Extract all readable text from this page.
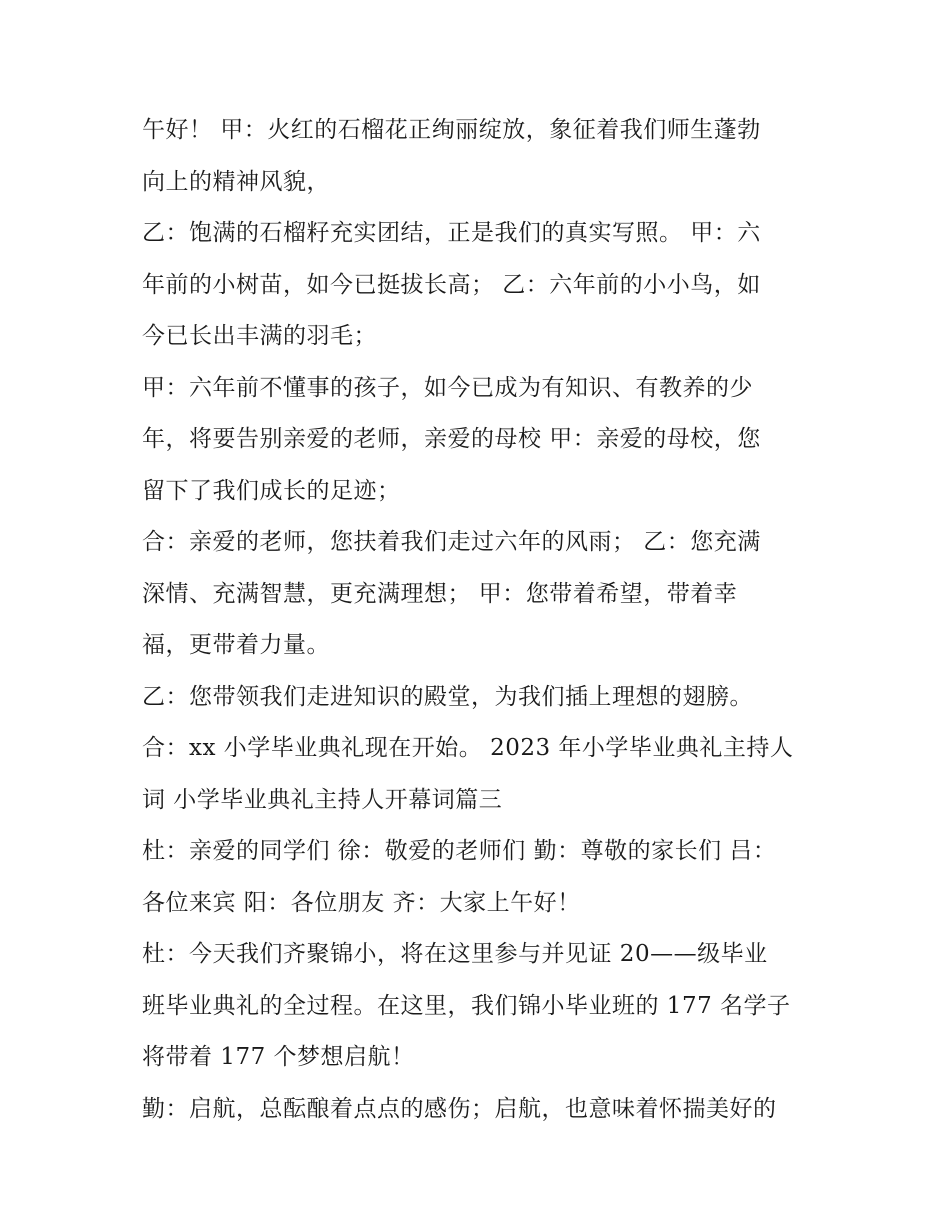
午好！ 甲：火红的石榴花正绚丽绽放，象征着我们师生蓬勃
向上的精神风貌，
乙：饱满的石榴籽充实团结，正是我们的真实写照。 甲：六
年前的小树苗，如今已挺拔长高； 乙：六年前的小小鸟，如
今已长出丰满的羽毛；
甲：六年前不懂事的孩子，如今已成为有知识、有教养的少
年，将要告别亲爱的老师，亲爱的母校 甲：亲爱的母校，您
留下了我们成长的足迹；
合：亲爱的老师，您扶着我们走过六年的风雨； 乙：您充满
深情、充满智慧，更充满理想； 甲：您带着希望，带着幸
福，更带着力量。
乙：您带领我们走进知识的殿堂，为我们插上理想的翅膀。
合：xx 小学毕业典礼现在开始。 2023 年小学毕业典礼主持人
词 小学毕业典礼主持人开幕词篇三
杜：亲爱的同学们 徐：敬爱的老师们 勤：尊敬的家长们 吕：
各位来宾 阳：各位朋友 齐：大家上午好！
杜：今天我们齐聚锦小，将在这里参与并见证 20——级毕业
班毕业典礼的全过程。在这里，我们锦小毕业班的 177 名学子
将带着 177 个梦想启航！
勤：启航，总酝酿着点点的感伤；启航，也意味着怀揣美好的
